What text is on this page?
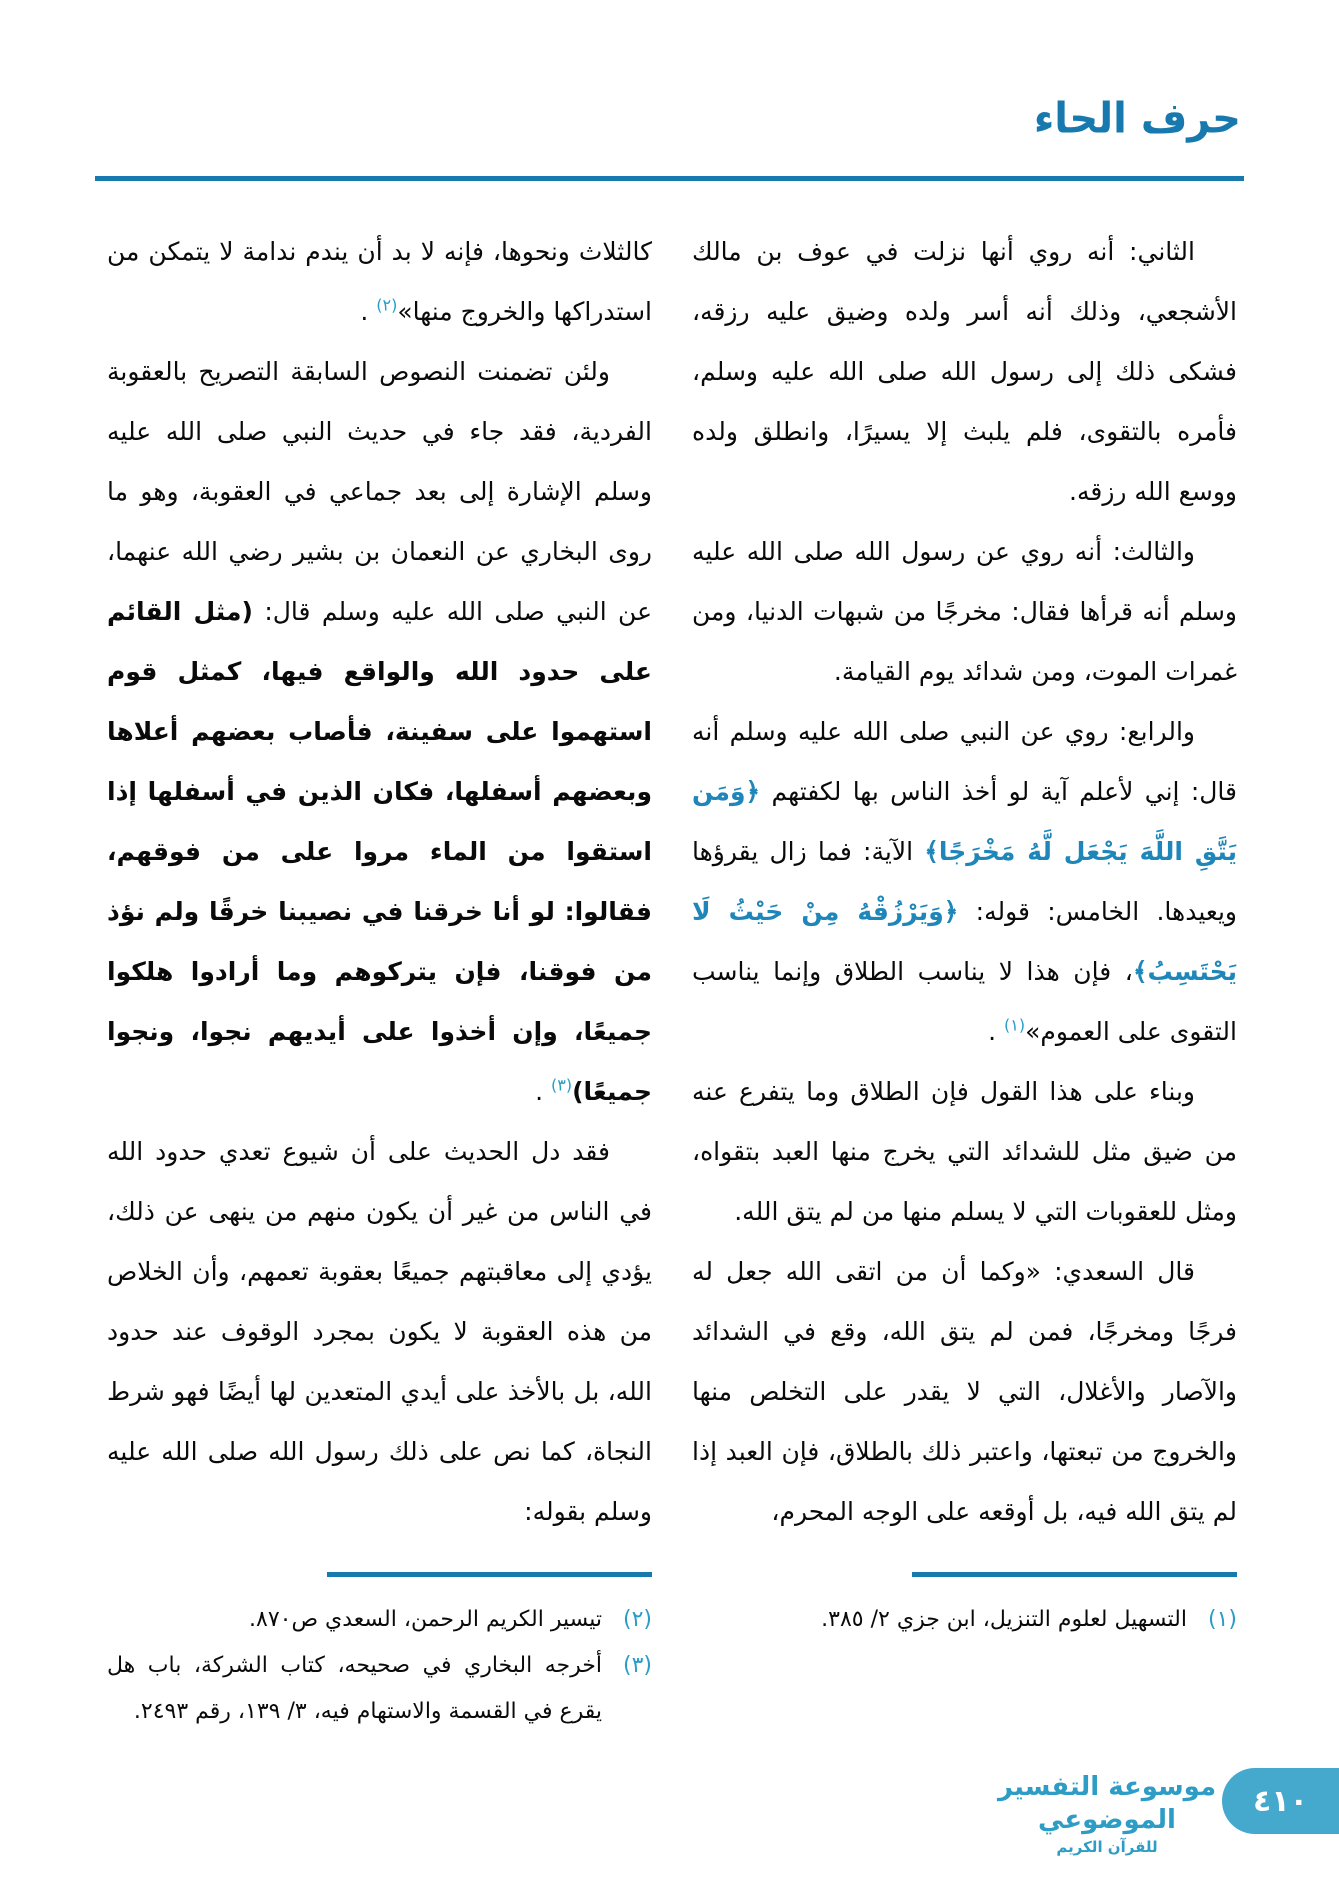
حرف الحاء

الثاني: أنه روي أنها نزلت في عوف بن مالك الأشجعي، وذلك أنه أسر ولده وضيق عليه رزقه، فشكى ذلك إلى رسول الله صلى الله عليه وسلم، فأمره بالتقوى، فلم يلبث إلا يسيرًا، وانطلق ولده ووسع الله رزقه.

والثالث: أنه روي عن رسول الله صلى الله عليه وسلم أنه قرأها فقال: مخرجًا من شبهات الدنيا، ومن غمرات الموت، ومن شدائد يوم القيامة.

والرابع: روي عن النبي صلى الله عليه وسلم أنه قال: إني لأعلم آية لو أخذ الناس بها لكفتهم ﴿وَمَن يَتَّقِ اللَّهَ يَجْعَل لَّهُ مَخْرَجًا﴾ الآية: فما زال يقرؤها ويعيدها. الخامس: قوله: ﴿وَيَرْزُقْهُ مِنْ حَيْثُ لَا يَحْتَسِبُ﴾، فإن هذا لا يناسب الطلاق وإنما يناسب التقوى على العموم»$^{(١)}$ .

وبناء على هذا القول فإن الطلاق وما يتفرع عنه من ضيق مثل للشدائد التي يخرج منها العبد بتقواه، ومثل للعقوبات التي لا يسلم منها من لم يتق الله.

قال السعدي: «وكما أن من اتقى الله جعل له فرجًا ومخرجًا، فمن لم يتق الله، وقع في الشدائد والآصار والأغلال، التي لا يقدر على التخلص منها والخروج من تبعتها، واعتبر ذلك بالطلاق، فإن العبد إذا لم يتق الله فيه، بل أوقعه على الوجه المحرم،

(١)
التسهيل لعلوم التنزيل، ابن جزي ٢/ ٣٨٥.

كالثلاث ونحوها، فإنه لا بد أن يندم ندامة لا يتمكن من استدراكها والخروج منها»$^{(٢)}$ .

ولئن تضمنت النصوص السابقة التصريح بالعقوبة الفردية، فقد جاء في حديث النبي صلى الله عليه وسلم الإشارة إلى بعد جماعي في العقوبة، وهو ما روى البخاري عن النعمان بن بشير رضي الله عنهما، عن النبي صلى الله عليه وسلم قال: (مثل القائم على حدود الله والواقع فيها، كمثل قوم استهموا على سفينة، فأصاب بعضهم أعلاها وبعضهم أسفلها، فكان الذين في أسفلها إذا استقوا من الماء مروا على من فوقهم، فقالوا: لو أنا خرقنا في نصيبنا خرقًا ولم نؤذ من فوقنا، فإن يتركوهم وما أرادوا هلكوا جميعًا، وإن أخذوا على أيديهم نجوا، ونجوا جميعًا)$^{(٣)}$ .

فقد دل الحديث على أن شيوع تعدي حدود الله في الناس من غير أن يكون منهم من ينهى عن ذلك، يؤدي إلى معاقبتهم جميعًا بعقوبة تعمهم، وأن الخلاص من هذه العقوبة لا يكون بمجرد الوقوف عند حدود الله، بل بالأخذ على أيدي المتعدين لها أيضًا فهو شرط النجاة، كما نص على ذلك رسول الله صلى الله عليه وسلم بقوله:

(٢)
تيسير الكريم الرحمن، السعدي ص٨٧٠.
(٣)
أخرجه البخاري في صحيحه، كتاب الشركة، باب هل يقرع في القسمة والاستهام فيه، ٣/ ١٣٩، رقم ٢٤٩٣.
موسوعة التفسير الموضوعي
للقرآن الكريم
٤١٠
